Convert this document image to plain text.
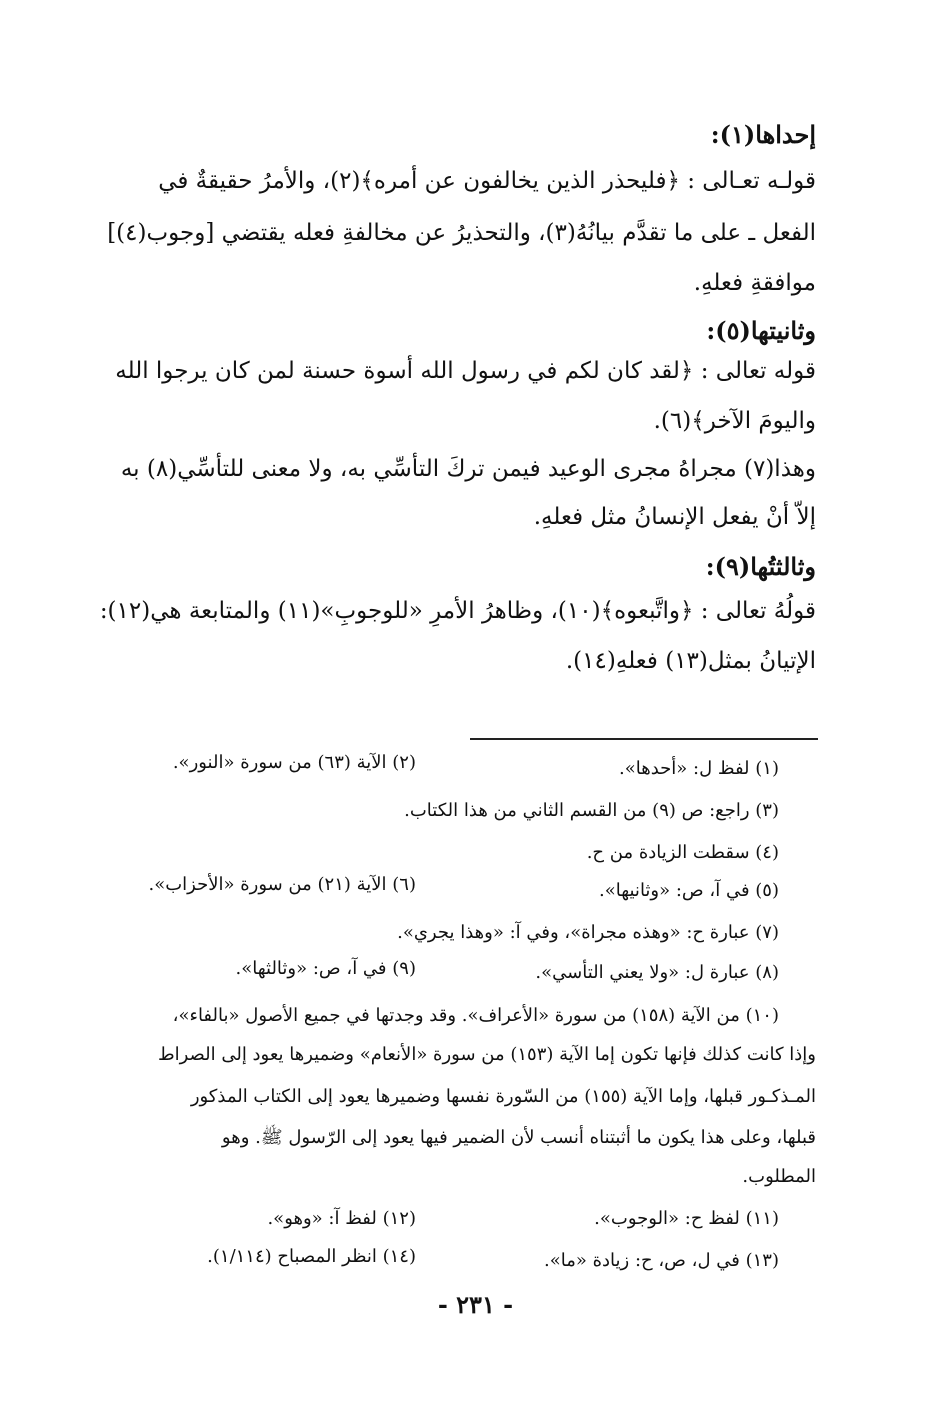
إحداها(١):
قولـه تعـالى : ﴿فليحذر الذين يخالفون عن أمره﴾(٢)، والأمرُ حقيقةٌ في
الفعل ـ على ما تقدَّم بيانُهُ(٣)، والتحذيرُ عن مخالفةِ فعله يقتضي [وجوب(٤)]
موافقةِ فعلهِ.
وثانيتها(٥):
قوله تعالى : ﴿لقد كان لكم في رسول الله أسوة حسنة لمن كان يرجوا الله
واليومَ الآخر﴾(٦).
وهذا(٧) مجراهُ مجرى الوعيد فيمن تركَ التأسِّي به، ولا معنى للتأسِّي(٨) به
إلاّ أنْ يفعل الإنسانُ مثل فعلهِ.
وثالثتُها(٩):
قولُهُ تعالى : ﴿واتَّبعوه﴾(١٠)، وظاهرُ الأمرِ «للوجوبِ»(١١) والمتابعة هي(١٢):
الإتيانُ بمثل(١٣) فعلهِ(١٤).
(١) لفظ ل: «أحدها».
(٢) الآية (٦٣) من سورة «النور».
(٣) راجع: ص (٩) من القسم الثاني من هذا الكتاب.
(٤) سقطت الزيادة من ح.
(٥) في آ، ص: «وثانيها».
(٦) الآية (٢١) من سورة «الأحزاب».
(٧) عبارة ح: «وهذه مجراة»، وفي آ: «وهذا يجري».
(٨) عبارة ل: «ولا يعني التأسي».
(٩) في آ، ص: «وثالثها».
(١٠) من الآية (١٥٨) من سورة «الأعراف». وقد وجدتها في جميع الأصول «بالفاء»،
وإذا كانت كذلك فإنها تكون إما الآية (١٥٣) من سورة «الأنعام» وضميرها يعود إلى الصراط
المـذكـور قبلها، وإما الآية (١٥٥) من السّورة نفسها وضميرها يعود إلى الكتاب المذكور
قبلها، وعلى هذا يكون ما أثبتناه أنسب لأن الضمير فيها يعود إلى الرّسول ﷺ. وهو
المطلوب.
(١١) لفظ ح: «الوجوب».
(١٢) لفظ آ: «وهو».
(١٣) في ل، ص، ح: زيادة «ما».
(١٤) انظر المصباح (١/١١٤).
- ٢٣١ -
